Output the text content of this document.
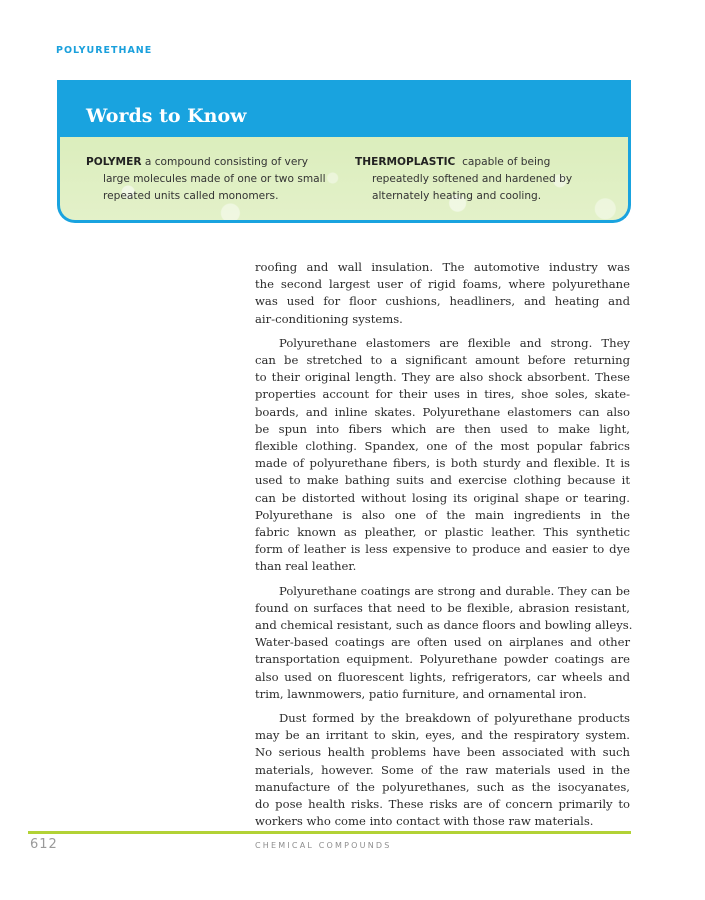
POLYURETHANE
Words to Know
POLYMER a compound consisting of very
large molecules made of one or two small
repeated units called monomers.
THERMOPLASTIC capable of being
repeatedly softened and hardened by
alternately heating and cooling.

roofing and wall insulation. The automotive industry was
the second largest user of rigid foams, where polyurethane
was used for floor cushions, headliners, and heating and
air-conditioning systems.

Polyurethane elastomers are flexible and strong. They
can be stretched to a significant amount before returning
to their original length. They are also shock absorbent. These
properties account for their uses in tires, shoe soles, skate-
boards, and inline skates. Polyurethane elastomers can also
be spun into fibers which are then used to make light,
flexible clothing. Spandex, one of the most popular fabrics
made of polyurethane fibers, is both sturdy and flexible. It is
used to make bathing suits and exercise clothing because it
can be distorted without losing its original shape or tearing.
Polyurethane is also one of the main ingredients in the
fabric known as pleather, or plastic leather. This synthetic
form of leather is less expensive to produce and easier to dye
than real leather.

Polyurethane coatings are strong and durable. They can be
found on surfaces that need to be flexible, abrasion resistant,
and chemical resistant, such as dance floors and bowling alleys.
Water-based coatings are often used on airplanes and other
transportation equipment. Polyurethane powder coatings are
also used on fluorescent lights, refrigerators, car wheels and
trim, lawnmowers, patio furniture, and ornamental iron.

Dust formed by the breakdown of polyurethane products
may be an irritant to skin, eyes, and the respiratory system.
No serious health problems have been associated with such
materials, however. Some of the raw materials used in the
manufacture of the polyurethanes, such as the isocyanates,
do pose health risks. These risks are of concern primarily to
workers who come into contact with those raw materials.

612	CHEMICAL COMPOUNDS
